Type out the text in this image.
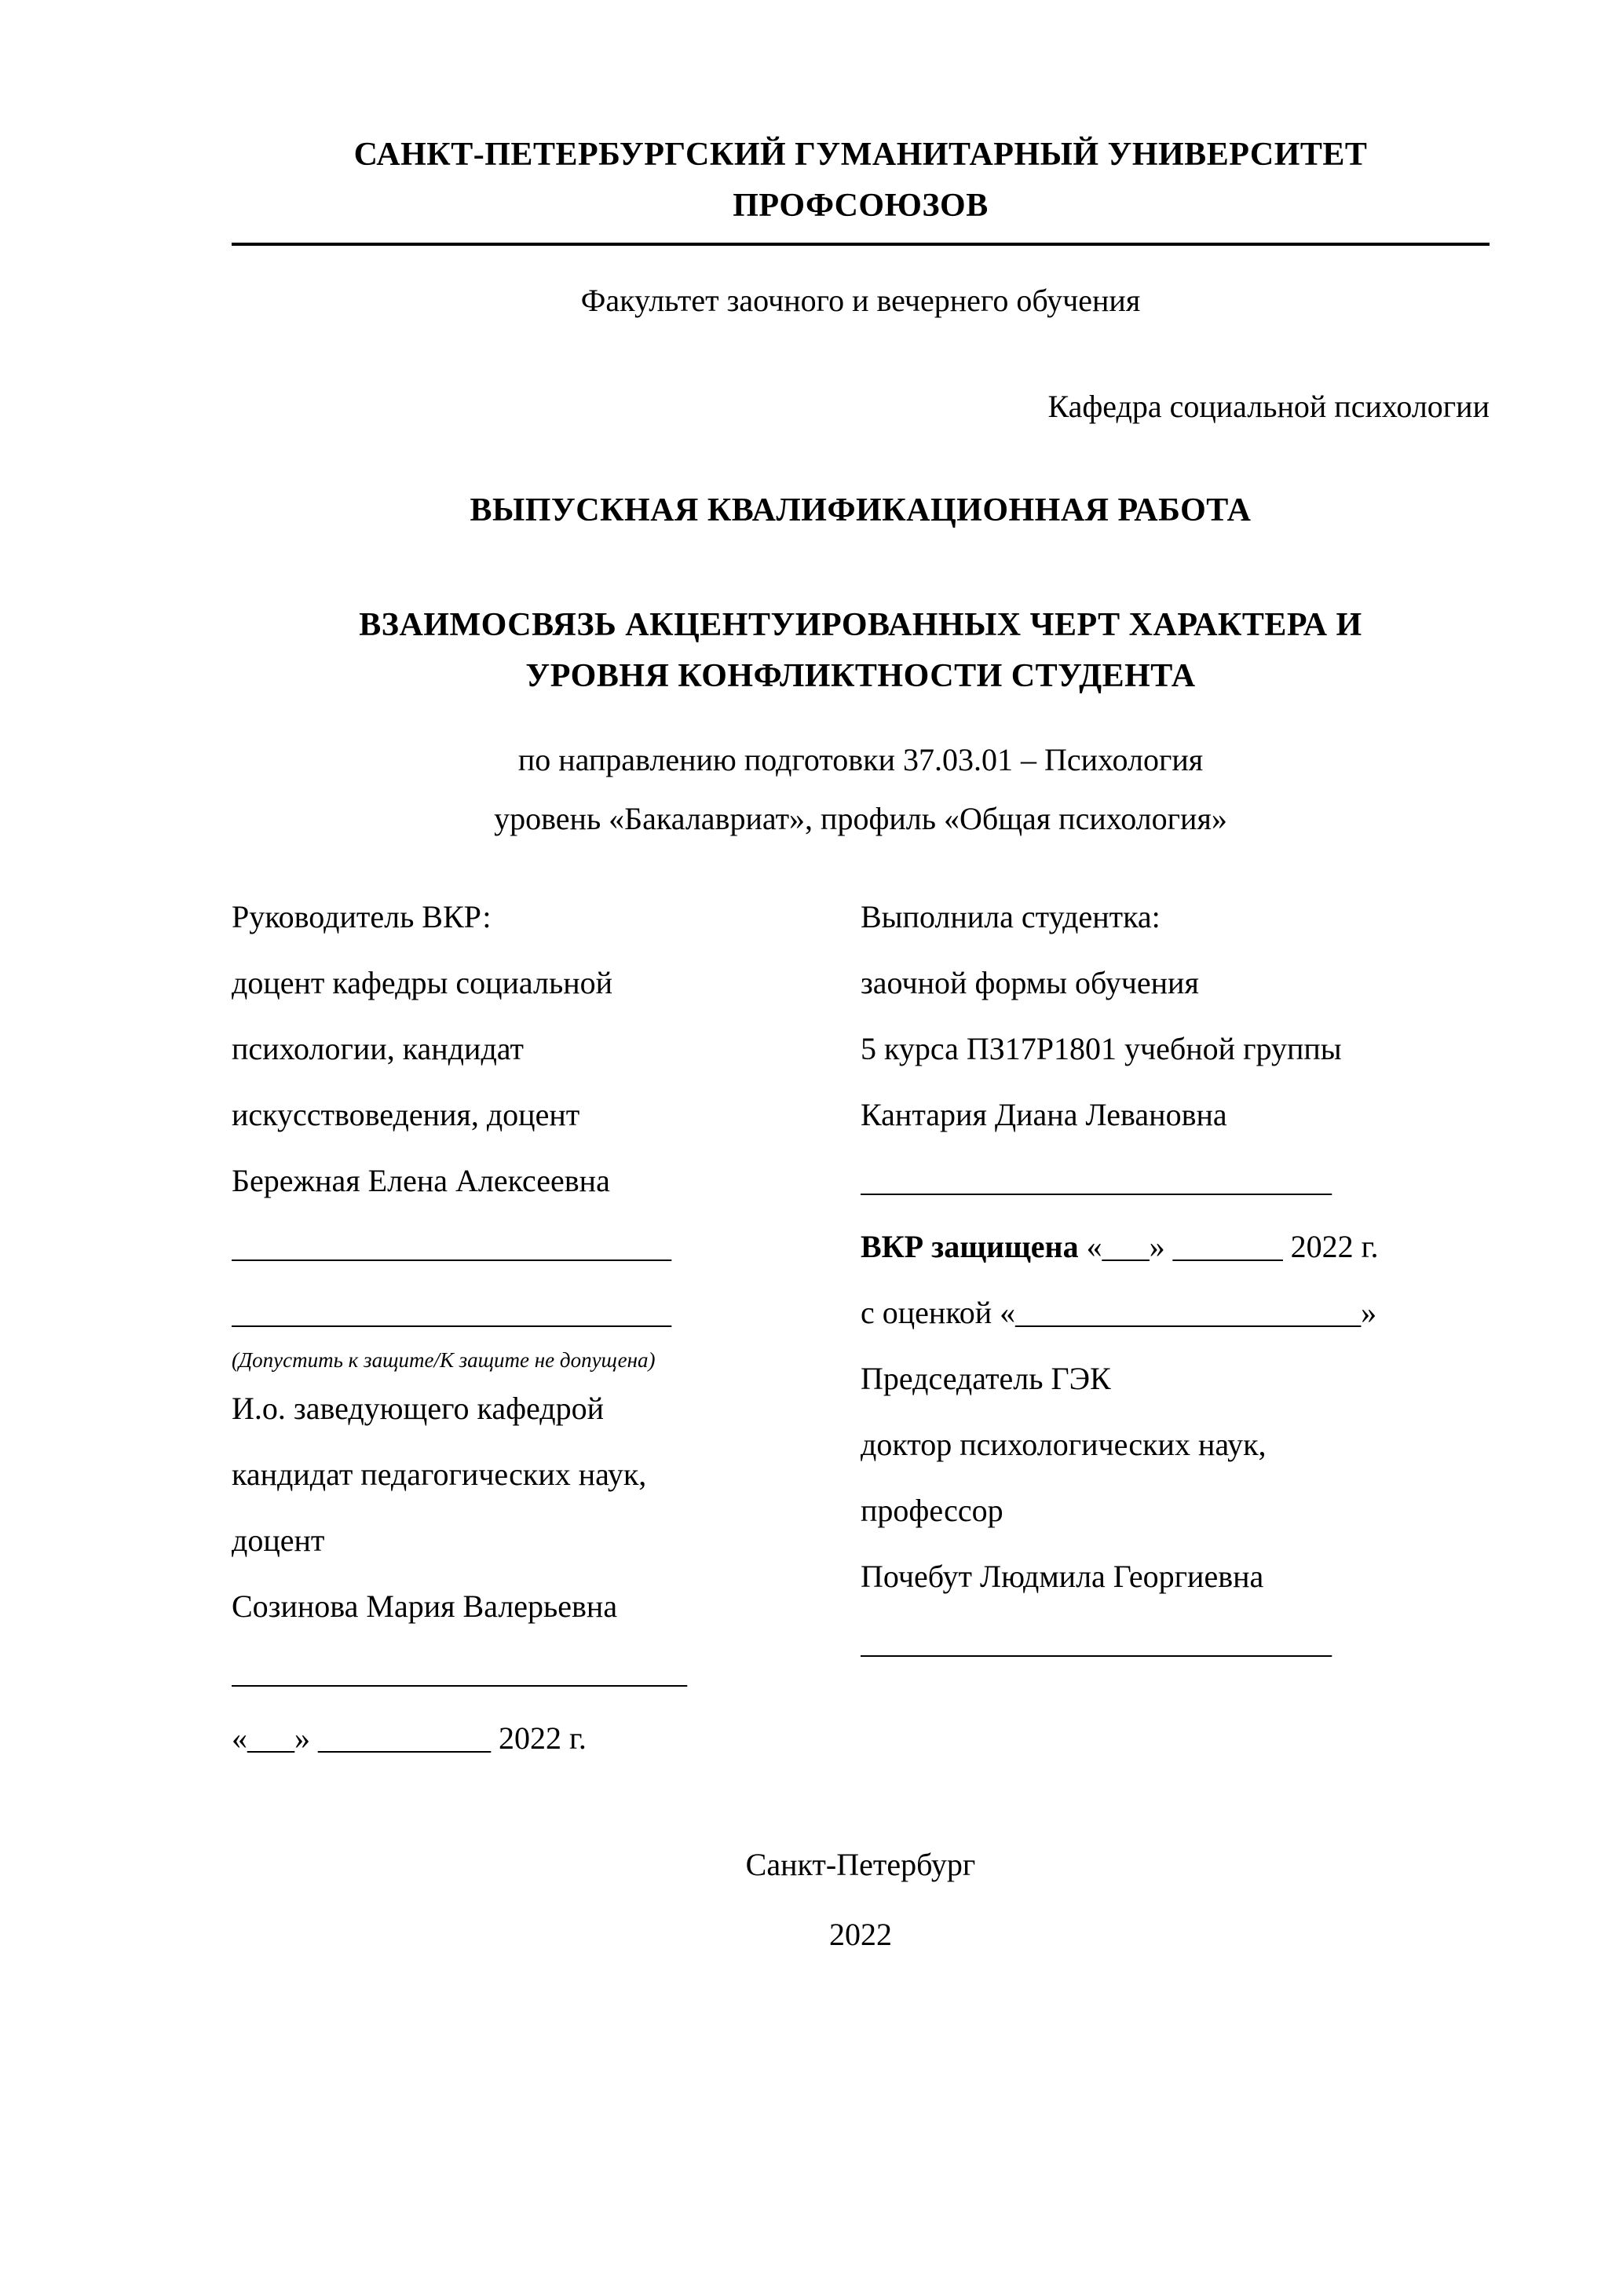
САНКТ-ПЕТЕРБУРГСКИЙ ГУМАНИТАРНЫЙ УНИВЕРСИТЕТ
ПРОФСОЮЗОВ

Факультет заочного и вечернего обучения

Кафедра социальной психологии

ВЫПУСКНАЯ КВАЛИФИКАЦИОННАЯ РАБОТА

ВЗАИМОСВЯЗЬ АКЦЕНТУИРОВАННЫХ ЧЕРТ ХАРАКТЕРА И
УРОВНЯ КОНФЛИКТНОСТИ СТУДЕНТА

по направлению подготовки 37.03.01 – Психология

уровень «Бакалавриат», профиль «Общая психология»

Руководитель ВКР:

доцент кафедры социальной

психологии, кандидат

искусствоведения, доцент

Бережная Елена Алексеевна

____________________________

____________________________

(Допустить к защите/К защите не допущена)

И.о. заведующего кафедрой

кандидат педагогических наук,

доцент

Созинова Мария Валерьевна

_____________________________

«___» ___________ 2022 г.

Выполнила студентка:

заочной формы обучения

5 курса ПЗ17Р1801 учебной группы

Кантария Диана Левановна

______________________________

ВКР защищена «___» _______ 2022 г.

с оценкой «______________________»

Председатель ГЭК

доктор психологических наук,

профессор

Почебут Людмила Георгиевна

______________________________

Санкт-Петербург

2022
